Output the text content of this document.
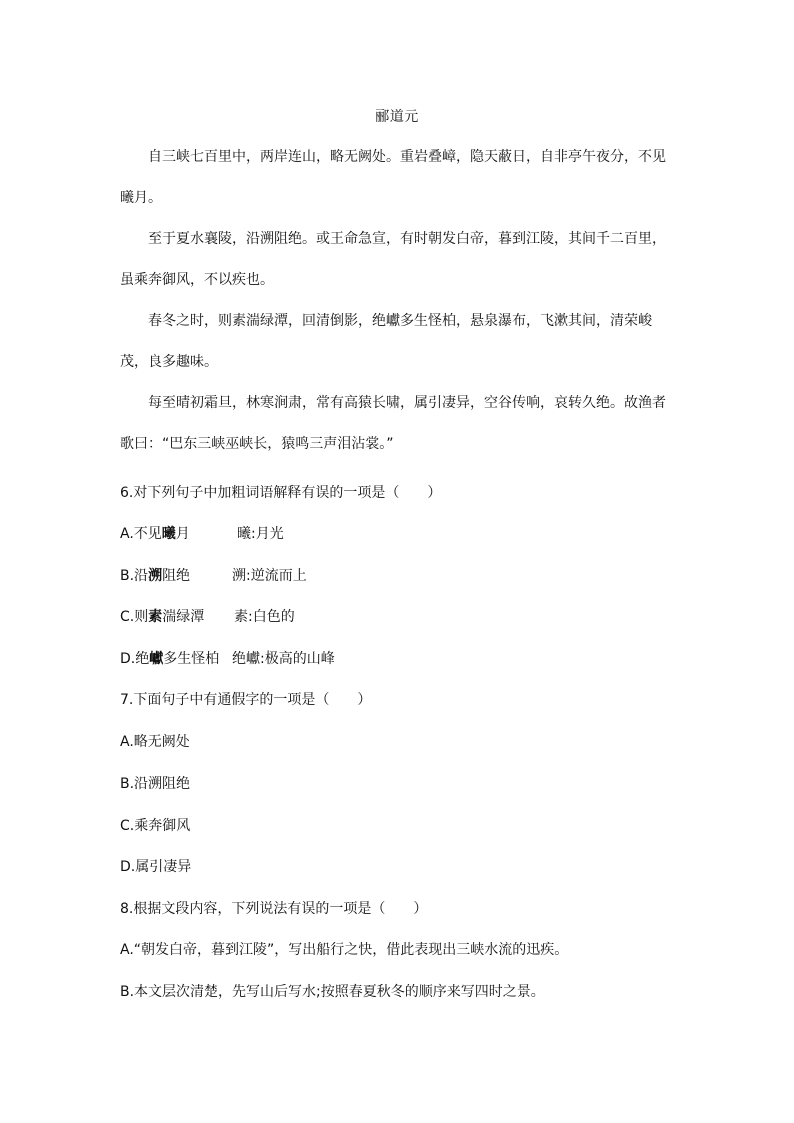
郦道元

自三峡七百里中，两岸连山，略无阙处。重岩叠嶂，隐天蔽日，自非亭午夜分，不见曦月。

至于夏水襄陵，沿溯阻绝。或王命急宣，有时朝发白帝，暮到江陵，其间千二百里，虽乘奔御风，不以疾也。

春冬之时，则素湍绿潭，回清倒影，绝巘多生怪柏，悬泉瀑布，飞漱其间，清荣峻茂，良多趣味。

每至晴初霜旦，林寒涧肃，常有高猿长啸，属引凄异，空谷传响，哀转久绝。故渔者歌曰：“巴东三峡巫峡长，猿鸣三声泪沾裳。”

6.对下列句子中加粗词语解释有误的一项是（　　）
A.不见曦月	曦:月光
B.沿溯阻绝	溯:逆流而上
C.则素湍绿潭 素:白色的
D.绝巘多生怪柏 绝巘:极高的山峰
7.下面句子中有通假字的一项是（　　）
A.略无阙处
B.沿溯阻绝
C.乘奔御风
D.属引凄异
8.根据文段内容，下列说法有误的一项是（　　）
A.“朝发白帝，暮到江陵”，写出船行之快，借此表现出三峡水流的迅疾。
B.本文层次清楚，先写山后写水;按照春夏秋冬的顺序来写四时之景。
